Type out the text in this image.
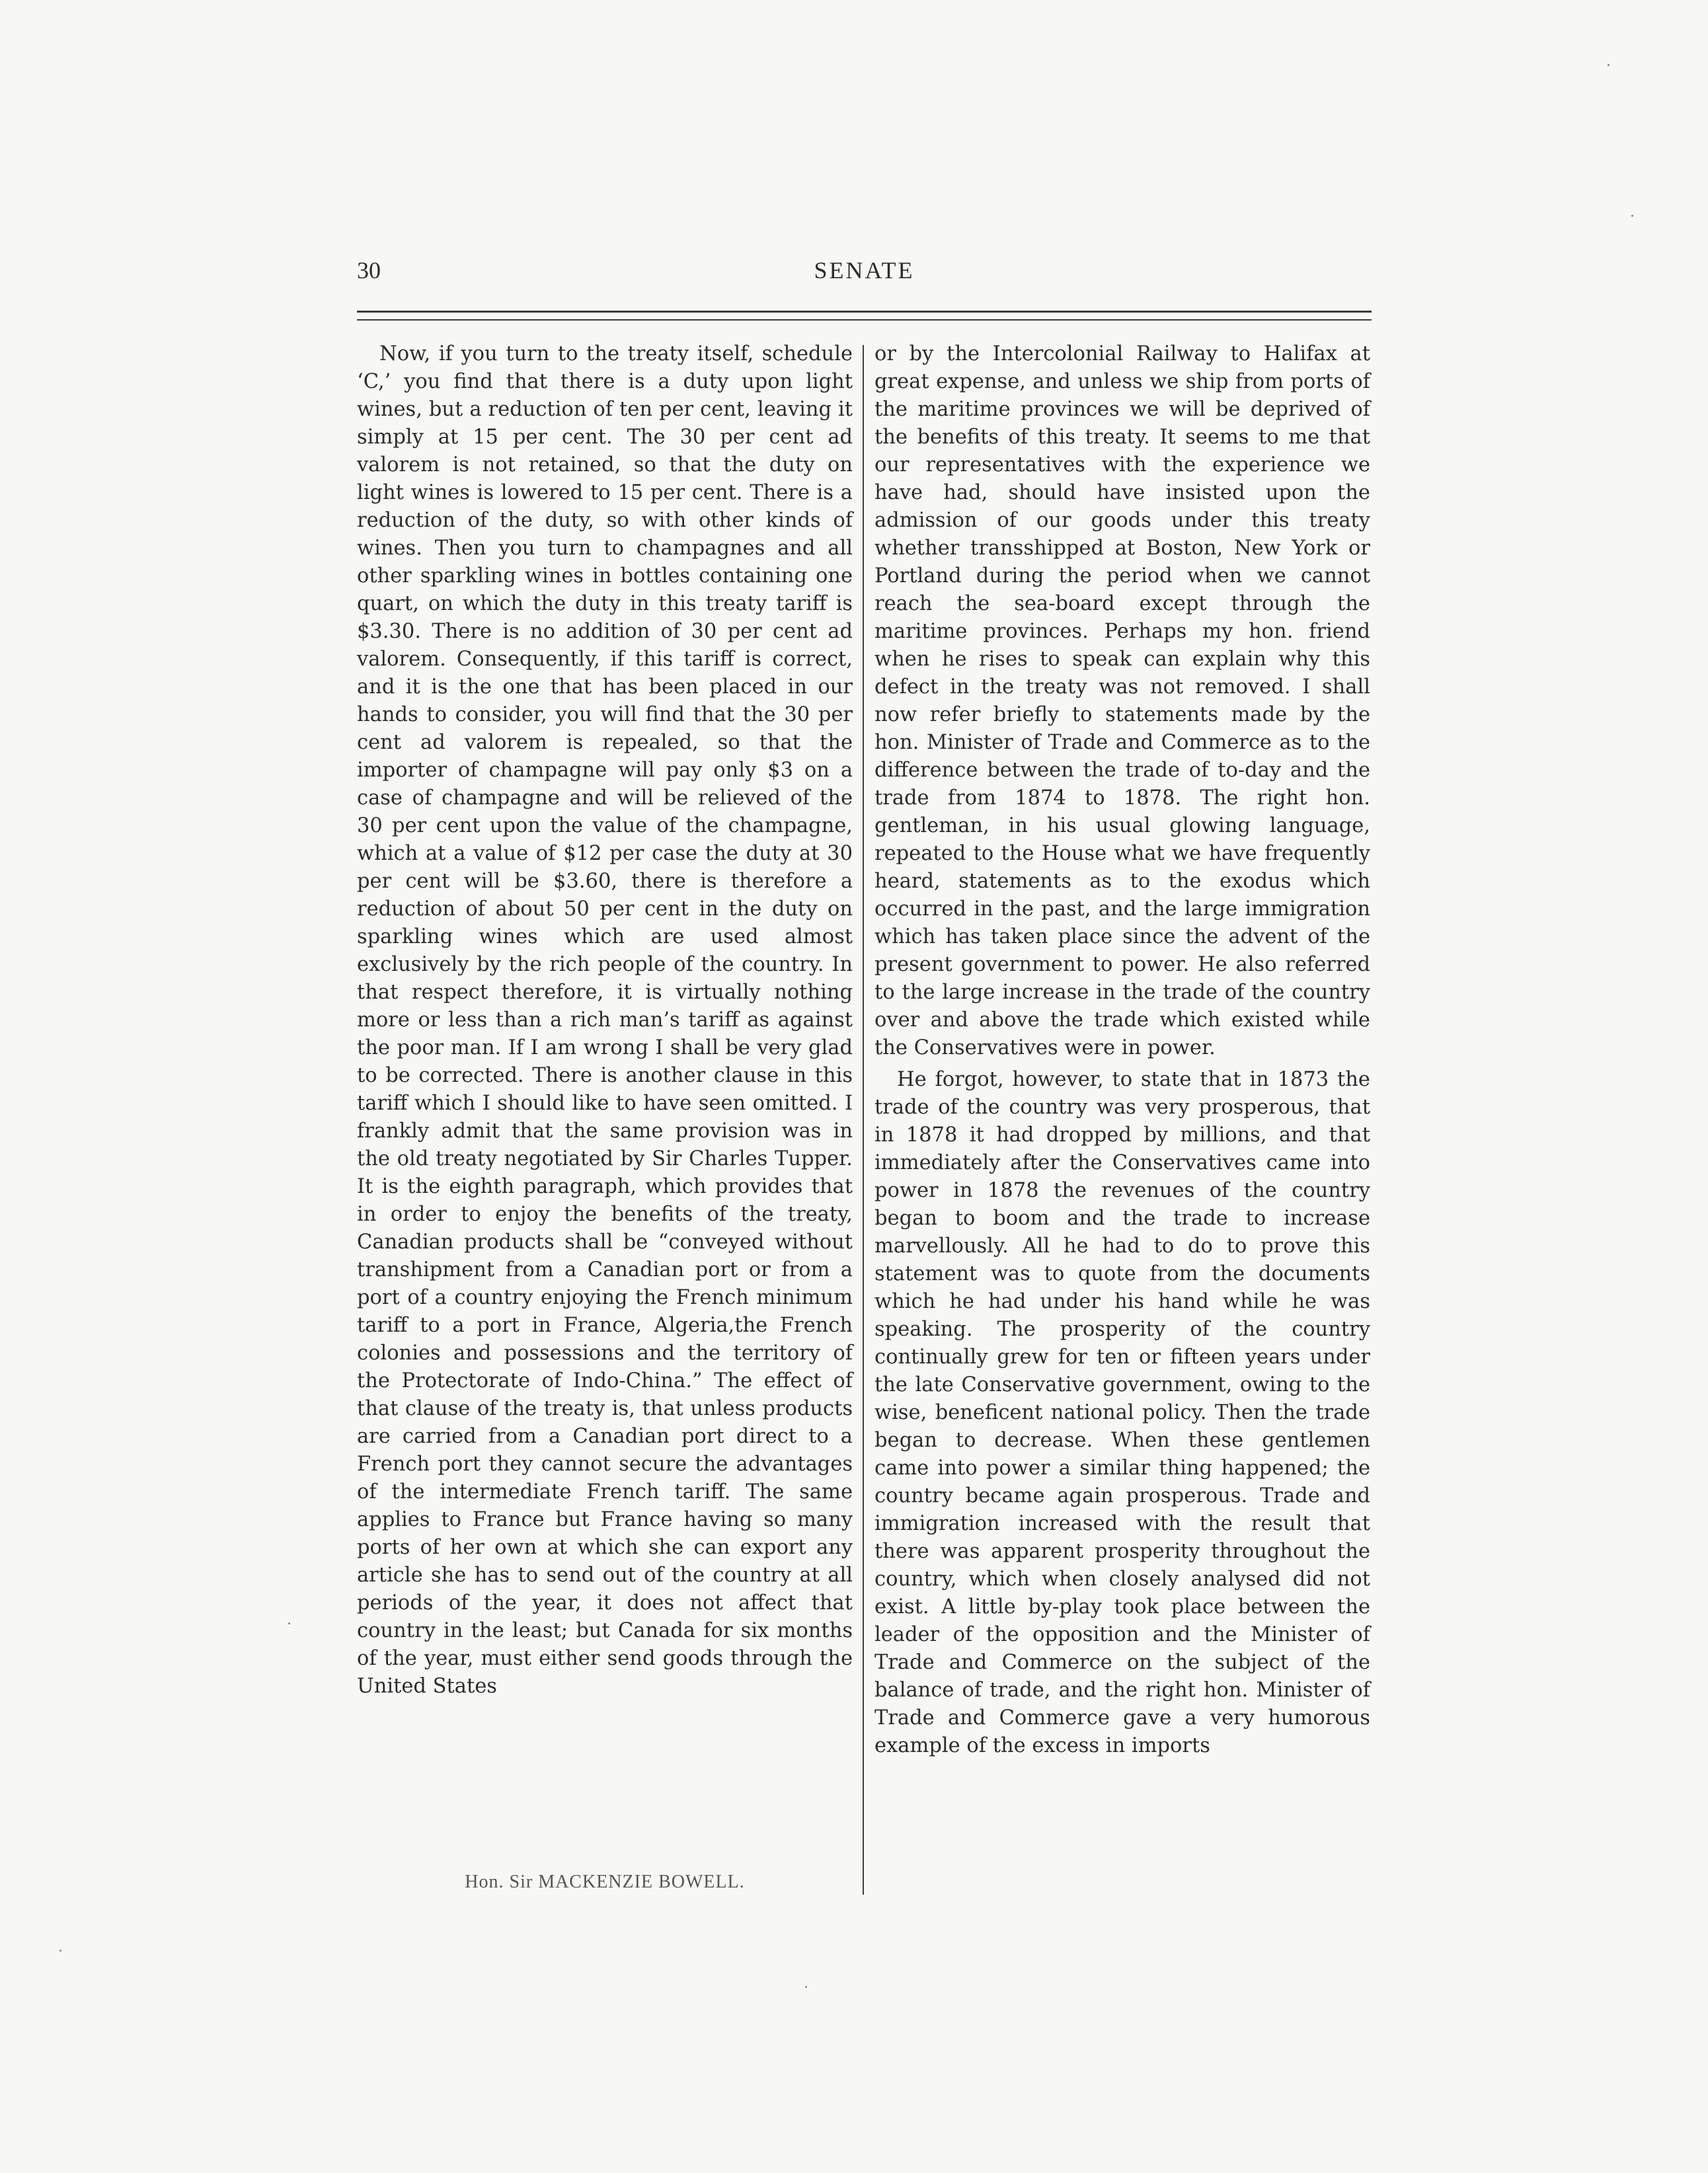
30	SENATE

Now, if you turn to the treaty itself, schedule ‘C,’ you find that there is a duty upon light wines, but a reduction of ten per cent, leaving it simply at 15 per cent. The 30 per cent ad valorem is not retained, so that the duty on light wines is lowered to 15 per cent. There is a reduction of the duty, so with other kinds of wines. Then you turn to champagnes and all other sparkling wines in bottles containing one quart, on which the duty in this treaty tariff is $3.30. There is no addition of 30 per cent ad valorem. Consequently, if this tariff is correct, and it is the one that has been placed in our hands to consider, you will find that the 30 per cent ad valorem is repealed, so that the importer of champagne will pay only $3 on a case of champagne and will be relieved of the 30 per cent upon the value of the champagne, which at a value of $12 per case the duty at 30 per cent will be $3.60, there is therefore a reduction of about 50 per cent in the duty on sparkling wines which are used almost exclusively by the rich people of the country. In that respect therefore, it is virtually nothing more or less than a rich man’s tariff as against the poor man. If I am wrong I shall be very glad to be corrected. There is another clause in this tariff which I should like to have seen omitted. I frankly admit that the same provision was in the old treaty negotiated by Sir Charles Tupper. It is the eighth paragraph, which provides that in order to enjoy the benefits of the treaty, Canadian products shall be “conveyed without transhipment from a Canadian port or from a port of a country enjoying the French minimum tariff to a port in France, Algeria,the French colonies and possessions and the territory of the Protectorate of Indo-China.” The effect of that clause of the treaty is, that unless products are carried from a Canadian port direct to a French port they cannot secure the advantages of the intermediate French tariff. The same applies to France but France having so many ports of her own at which she can export any article she has to send out of the country at all periods of the year, it does not affect that country in the least; but Canada for six months of the year, must either send goods through the United States

or by the Intercolonial Railway to Halifax at great expense, and unless we ship from ports of the maritime provinces we will be deprived of the benefits of this treaty. It seems to me that our representatives with the experience we have had, should have insisted upon the admission of our goods under this treaty whether transshipped at Boston, New York or Portland during the period when we cannot reach the sea-board except through the maritime provinces. Perhaps my hon. friend when he rises to speak can explain why this defect in the treaty was not removed. I shall now refer briefly to statements made by the hon. Minister of Trade and Commerce as to the difference between the trade of to-day and the trade from 1874 to 1878. The right hon. gentleman, in his usual glowing language, repeated to the House what we have frequently heard, statements as to the exodus which occurred in the past, and the large immigration which has taken place since the advent of the present government to power. He also referred to the large increase in the trade of the country over and above the trade which existed while the Conservatives were in power.

He forgot, however, to state that in 1873 the trade of the country was very prosperous, that in 1878 it had dropped by millions, and that immediately after the Conservatives came into power in 1878 the revenues of the country began to boom and the trade to increase marvellously. All he had to do to prove this statement was to quote from the documents which he had under his hand while he was speaking. The prosperity of the country continually grew for ten or fifteen years under the late Conservative government, owing to the wise, beneficent national policy. Then the trade began to decrease. When these gentlemen came into power a similar thing happened; the country became again prosperous. Trade and immigration increased with the result that there was apparent prosperity throughout the country, which when closely analysed did not exist. A little by-play took place between the leader of the opposition and the Minister of Trade and Commerce on the subject of the balance of trade, and the right hon. Minister of Trade and Commerce gave a very humorous example of the excess in imports

Hon. Sir MACKENZIE BOWELL.
